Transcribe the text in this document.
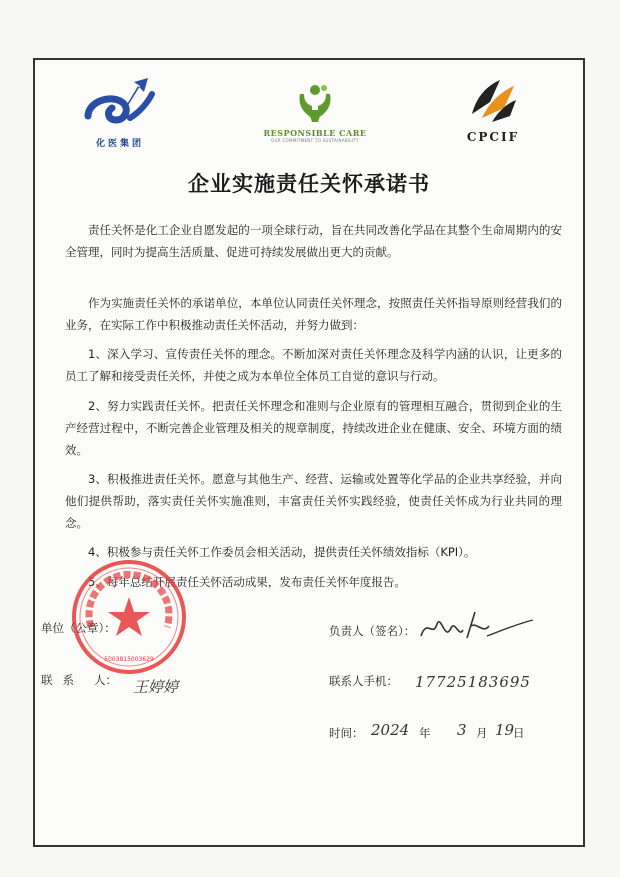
化医集团
RESPONSIBLE CARE
OUR COMMITMENT TO SUSTAINABILITY	CPCIF
企业实施责任关怀承诺书
责任关怀是化工企业自愿发起的一项全球行动，旨在共同改善化学品在其整个生命周期内的安全管理，同时为提高生活质量、促进可持续发展做出更大的贡献。
作为实施责任关怀的承诺单位，本单位认同责任关怀理念，按照责任关怀指导原则经营我们的业务，在实际工作中积极推动责任关怀活动，并努力做到：
1、深入学习、宣传责任关怀的理念。不断加深对责任关怀理念及科学内涵的认识，让更多的员工了解和接受责任关怀，并使之成为本单位全体员工自觉的意识与行动。
2、努力实践责任关怀。把责任关怀理念和准则与企业原有的管理相互融合，贯彻到企业的生产经营过程中，不断完善企业管理及相关的规章制度，持续改进企业在健康、安全、环境方面的绩效。
3、积极推进责任关怀。愿意与其他生产、经营、运输或处置等化学品的企业共享经验，并向他们提供帮助，落实责任关怀实施准则，丰富责任关怀实践经验，使责任关怀成为行业共同的理念。
4、积极参与责任关怀工作委员会相关活动，提供责任关怀绩效指标（KPI）。
5、每年总结开展责任关怀活动成果，发布责任关怀年度报告。
5003815003629
单位（公章）：	负责人（签名）：
联 系 人： 王婷婷	联系人手机： 17725183695
时间： 2024 年 3 月 19
日
